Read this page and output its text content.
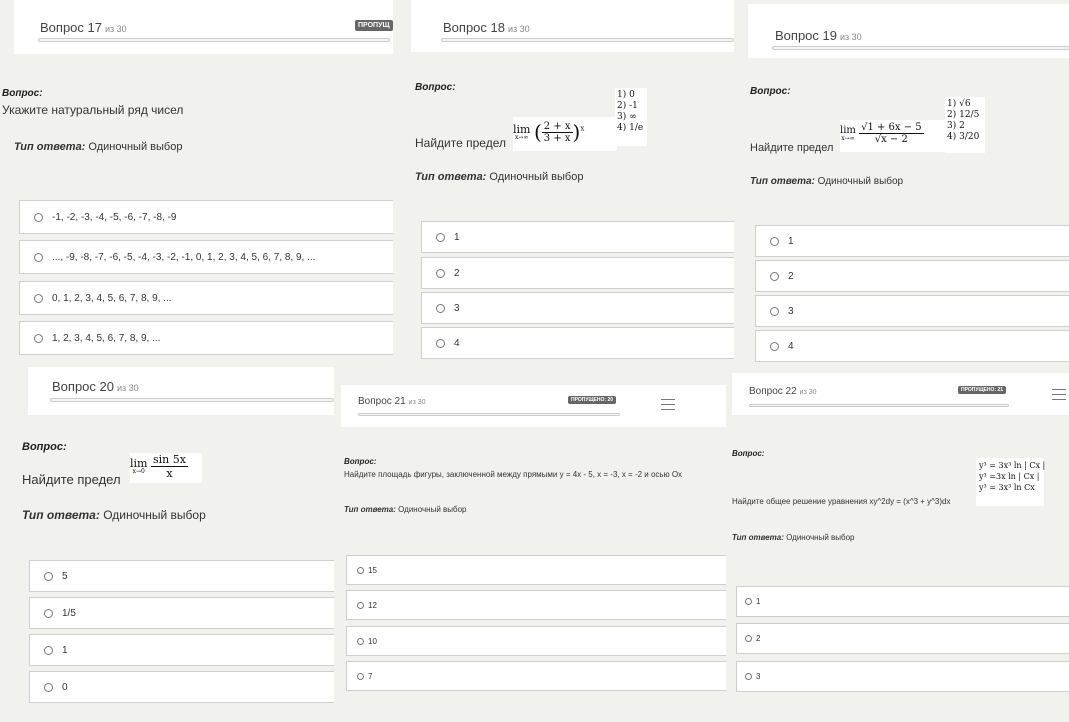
Вопрос 17 из 30	ПРОПУЩ
Вопрос:
Укажите натуральный ряд чисел
Тип ответа: Одиночный выбор
-1, -2, -3, -4, -5, -6, -7, -8, -9
..., -9, -8, -7, -6, -5, -4, -3, -2, -1, 0, 1, 2, 3, 4, 5, 6, 7, 8, 9, ...
0, 1, 2, 3, 4, 5, 6, 7, 8, 9, ...
1, 2, 3, 4, 5, 6, 7, 8, 9, ...
Вопрос 18 из 30
Вопрос:
Найдите предел
lim
x→∞ ( $\frac{2 + x}{3 + x} )^x$
1) 0
2) -1
3) ∞
4) 1/e
Тип ответа: Одиночный выбор
1
2
3
4
Вопрос 19 из 30
Вопрос:
Найдите предел
lim
x→∞
$\frac{√1 + 6x - 5}{√x - 2}$
1) √6
2) 12/5
3) 2
4) 3/20
Тип ответа: Одиночный выбор
1
2
3
4
Вопрос 20 из 30
Вопрос:
Найдите предел
lim
x→0
$\frac{\sin 5x}{x}$
Тип ответа: Одиночный выбор
5
1/5
1
0
Вопрос 21 из 30	ПРОПУЩЕНО: 20
Вопрос:
Найдите площадь фигуры, заключенной между прямыми y = 4x - 5, x = -3, x = -2 и осью Ох
Тип ответа: Одиночный выбор
15
12
10
7
Вопрос 22 из 30	ПРОПУЩЕНО: 21
Вопрос:
Найдите общее решение уравнения xy^2dy = (x^3 + y^3)dx
y³ = 3x³ ln | Cx |
y³ =3x ln | Cx |
y³ = 3x³ ln Cx
Тип ответа: Одиночный выбор
1
2
3
